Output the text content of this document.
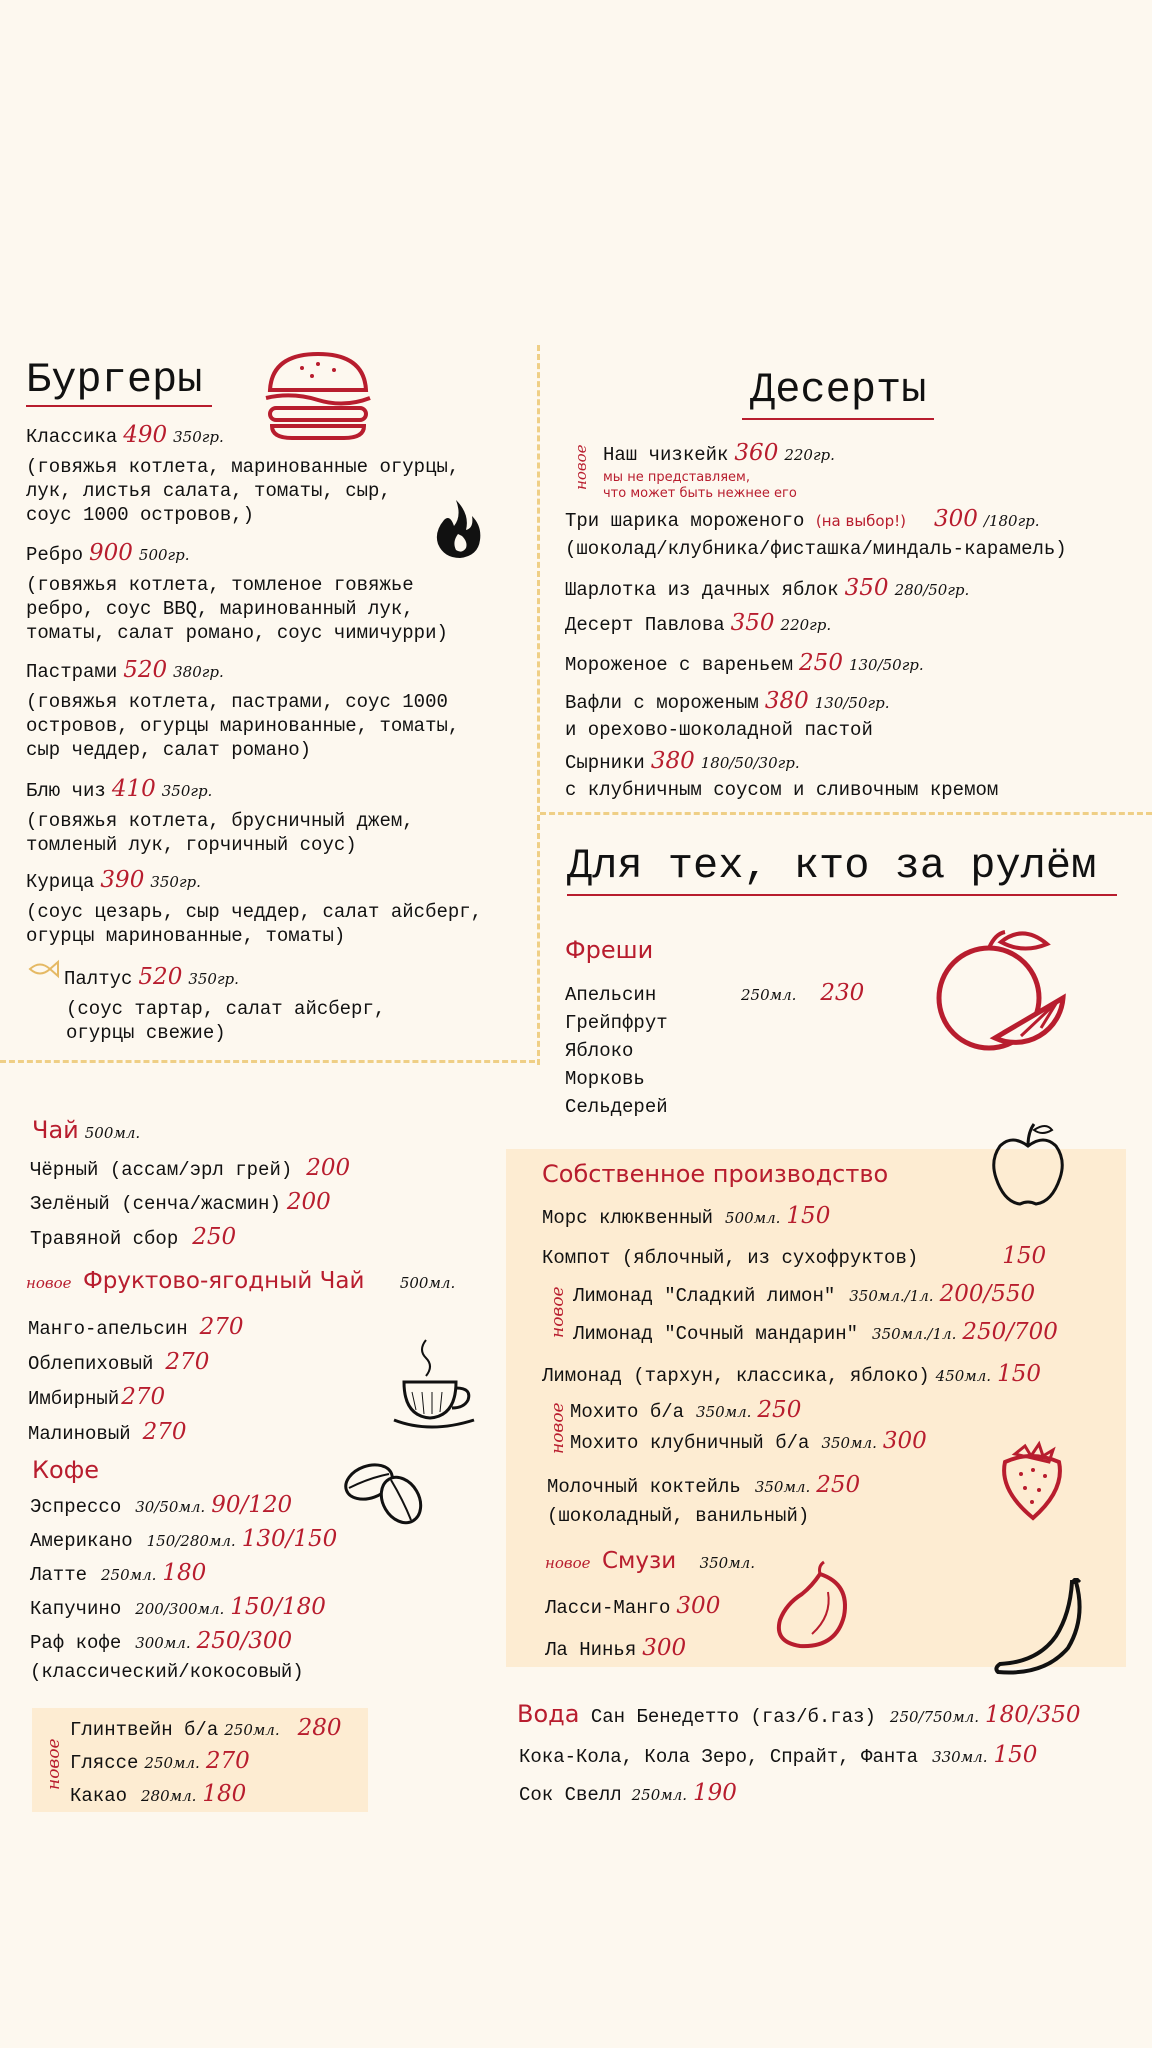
Бургеры
Классика 490 350гр.
(говяжья котлета, маринованные огурцы,
лук, листья салата, томаты, сыр,
соус 1000 островов,)
Ребро 900 500гр.
(говяжья котлета, томленое говяжье
ребро, соус BBQ, маринованный лук,
томаты, салат романо, соус чимичурри)
Пастрами 520 380гр.
(говяжья котлета, пастрами, соус 1000
островов, огурцы маринованные, томаты,
сыр чеддер, салат романо)
Блю чиз 410 350гр.
(говяжья котлета, брусничный джем,
томленый лук, горчичный соус)
Курица 390 350гр.
(соус цезарь, сыр чеддер, салат айсберг,
огурцы маринованные, томаты)
Палтус 520 350гр.
(соус тартар, салат айсберг,
огурцы свежие)
Десерты
новое Наш чизкейк 360 220гр.
мы не представляем,
что может быть нежнее его
Три шарика мороженого (на выбор!) 300 /180гр.
(шоколад/клубника/фисташка/миндаль-карамель)
Шарлотка из дачных яблок 350 280/50гр.
Десерт Павлова 350 220гр.
Мороженое с вареньем 250 130/50гр.
Вафли с мороженым 380 130/50гр.
и орехово-шоколадной пастой
Сырники 380 180/50/30гр.
с клубничным соусом и сливочным кремом
Для тех, кто за рулём
Фреши
Апельсин	250мл. 230
Грейпфрут
Яблоко
Морковь
Сельдерей
Чай 500мл.
Чёрный (ассам/эрл грей) 200
Зелёный (сенча/жасмин) 200
Травяной сбор 250
новое Фруктово-ягодный Чай 500мл.
Манго-апельсин 270
Облепиховый 270
Имбирный270
Малиновый 270
Кофе
Эспрессо 30/50мл. 90/120
Американо 150/280мл. 130/150
Латте 250мл. 180
Капучино 200/300мл. 150/180
Раф кофе 300мл. 250/300
(классический/кокосовый)
новое
Глинтвейн б/а 250мл. 280
Гляссе 250мл. 270
Какао 280мл. 180
Собственное производство
Морс клюквенный 500мл. 150
Компот (яблочный, из сухофруктов)	150
новое Лимонад "Сладкий лимон" 350мл./1л. 200/550
Лимонад "Сочный мандарин" 350мл./1л. 250/700
Лимонад (тархун, классика, яблоко) 450мл. 150
новое Мохито б/а 350мл. 250
Мохито клубничный б/а 350мл. 300
Молочный коктейль 350мл. 250
(шоколадный, ванильный)
новое Смузи 350мл.
Ласси-Манго 300
Ла Нинья 300
Вода Сан Бенедетто (газ/б.газ) 250/750мл. 180/350
Кока-Кола, Кола Зеро, Спрайт, Фанта 330мл. 150
Сок Свелл 250мл. 190
